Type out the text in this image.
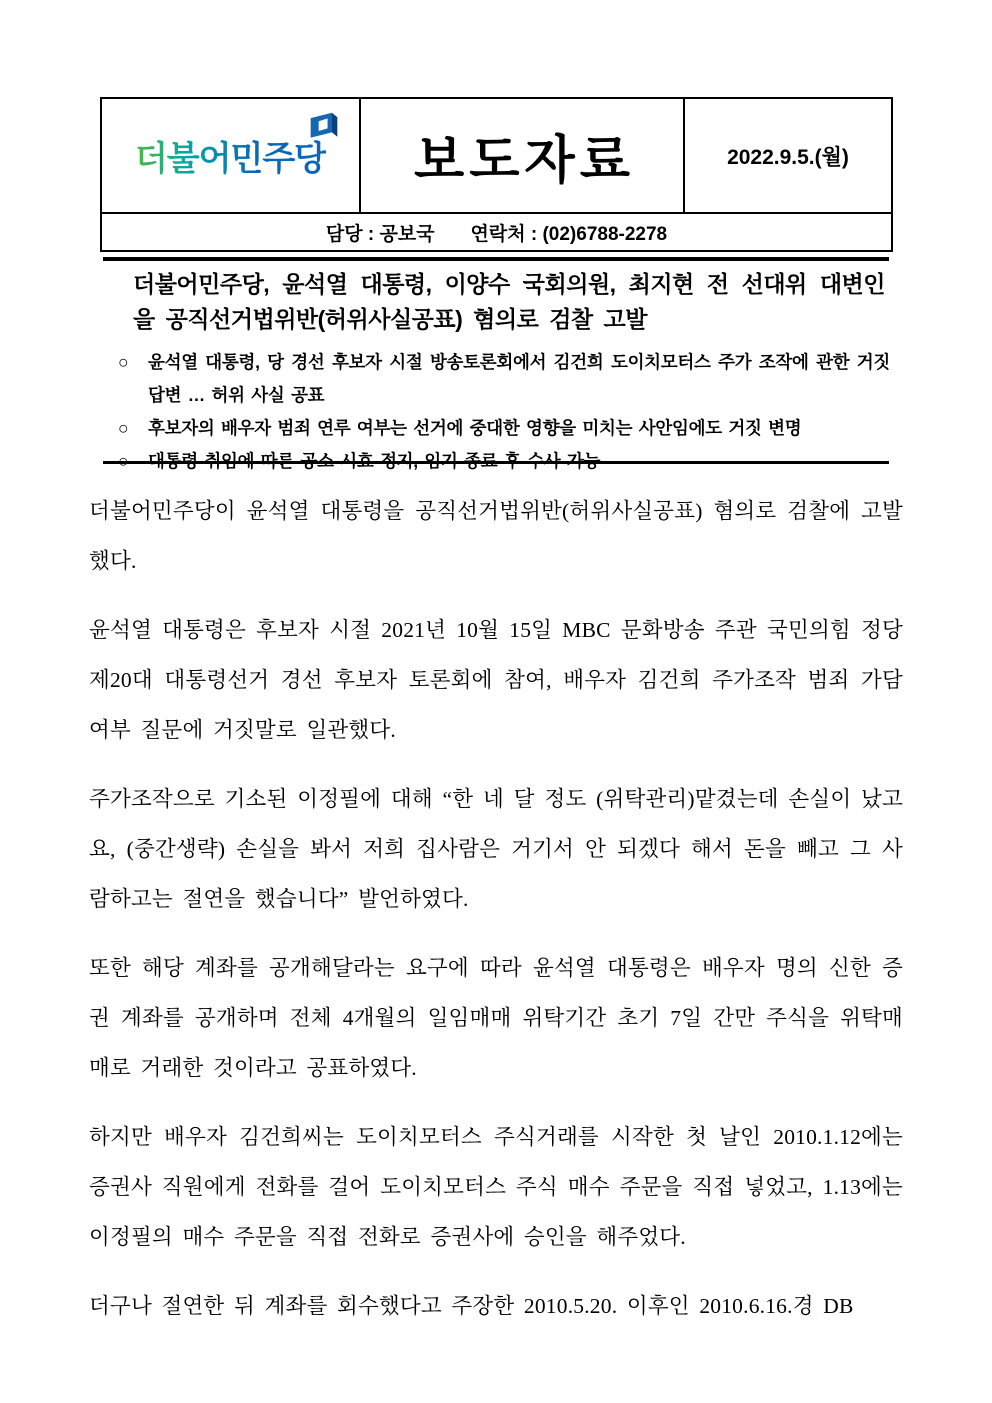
더불어민주당 보도자료	2022.9.5.(월)
담당 : 공보국 연락처 : (02)6788-2278
더불어민주당, 윤석열 대통령, 이양수 국회의원, 최지현 전 선대위 대변인을 공직선거법위반(허위사실공표) 혐의로 검찰 고발
○ 윤석열 대통령, 당 경선 후보자 시절 방송토론회에서 김건희 도이치모터스 주가 조작에 관한 거짓 답변 … 허위 사실 공표
○ 후보자의 배우자 범죄 연루 여부는 선거에 중대한 영향을 미치는 사안임에도 거짓 변명

더불어민주당이 윤석열 대통령을 공직선거법위반(허위사실공표) 혐의로 검찰에 고발했다.

윤석열 대통령은 후보자 시절 2021년 10월 15일 MBC 문화방송 주관 국민의힘 정당 제20대 대통령선거 경선 후보자 토론회에 참여, 배우자 김건희 주가조작 범죄 가담여부 질문에 거짓말로 일관했다.

주가조작으로 기소된 이정필에 대해 “한 네 달 정도 (위탁관리)맡겼는데 손실이 났고요, (중간생략) 손실을 봐서 저희 집사람은 거기서 안 되겠다 해서 돈을 빼고 그 사람하고는 절연을 했습니다” 발언하였다.

또한 해당 계좌를 공개해달라는 요구에 따라 윤석열 대통령은 배우자 명의 신한 증권 계좌를 공개하며 전체 4개월의 일임매매 위탁기간 초기 7일 간만 주식을 위탁매매로 거래한 것이라고 공표하였다.

하지만 배우자 김건희씨는 도이치모터스 주식거래를 시작한 첫 날인 2010.1.12에는 증권사 직원에게 전화를 걸어 도이치모터스 주식 매수 주문을 직접 넣었고, 1.13에는 이정필의 매수 주문을 직접 전화로 증권사에 승인을 해주었다.

더구나 절연한 뒤 계좌를 회수했다고 주장한 2010.5.20. 이후인 2010.6.16.경 DB
